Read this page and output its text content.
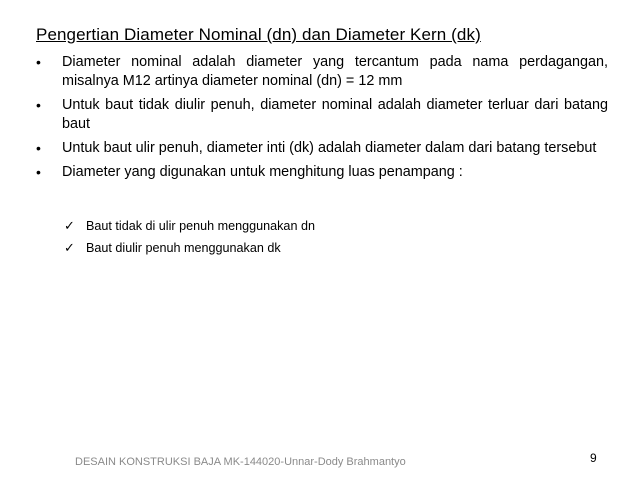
Pengertian Diameter Nominal (dn) dan Diameter Kern (dk)
•	Diameter nominal adalah diameter yang tercantum pada nama perdagangan, misalnya M12 artinya diameter nominal (dn) = 12 mm
•	Untuk baut tidak diulir penuh, diameter nominal adalah diameter terluar dari batang baut
•	Untuk baut ulir penuh, diameter inti (dk) adalah diameter dalam dari batang tersebut
•	Diameter yang digunakan untuk menghitung luas penampang :
✓ Baut tidak di ulir penuh menggunakan dn
✓ Baut diulir penuh menggunakan dk
DESAIN KONSTRUKSI BAJA MK-144020-Unnar-Dody Brahmantyo	9
